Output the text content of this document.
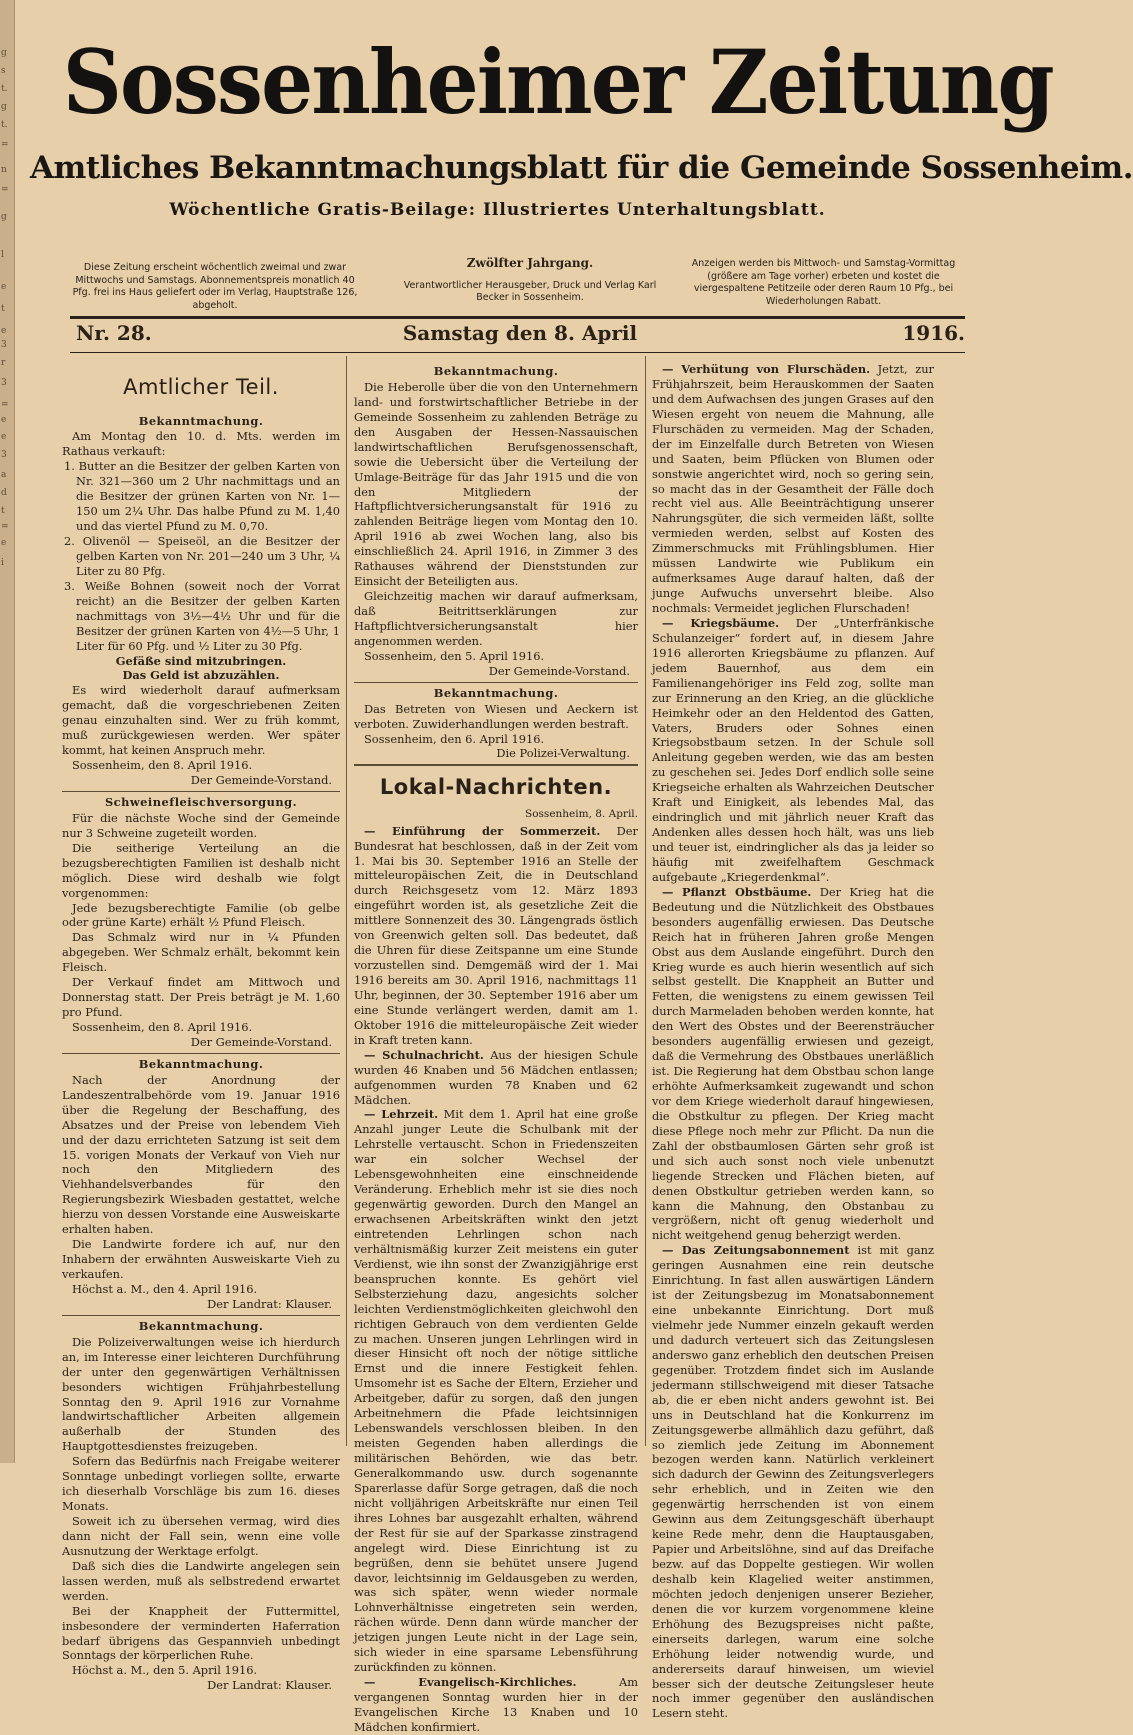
g
s
t.
g
t.
=
n
=
g
l
e
t
e
3
r
3
=
e
e
3
a
d
t
=
e
i
Sossenheimer Zeitung
Amtliches Bekanntmachungsblatt für die Gemeinde Sossenheim.
Wöchentliche Gratis-Beilage: Illustriertes Unterhaltungsblatt.
Diese Zeitung erscheint wöchentlich zweimal und zwar Mittwochs und Samstags. Abonnementspreis monatlich 40 Pfg. frei ins Haus geliefert oder im Verlag, Hauptstraße 126, abgeholt.
Zwölfter Jahrgang.
Verantwortlicher Herausgeber, Druck und Verlag Karl Becker in Sossenheim.
Anzeigen werden bis Mittwoch- und Samstag-Vormittag (größere am Tage vorher) erbeten und kostet die viergespaltene Petitzeile oder deren Raum 10 Pfg., bei Wiederholungen Rabatt.
Nr. 28.	Samstag den 8. April	1916.
Amtlicher Teil.
Bekanntmachung.

Am Montag den 10. d. Mts. werden im Rathaus verkauft:

1. Butter an die Besitzer der gelben Karten von Nr. 321—360 um 2 Uhr nachmittags und an die Besitzer der grünen Karten von Nr. 1—150 um 2¼ Uhr. Das halbe Pfund zu M. 1,40 und das viertel Pfund zu M. 0,70.

2. Olivenöl — Speiseöl, an die Besitzer der gelben Karten von Nr. 201—240 um 3 Uhr, ¼ Liter zu 80 Pfg.

3. Weiße Bohnen (soweit noch der Vorrat reicht) an die Besitzer der gelben Karten nachmittags von 3½—4½ Uhr und für die Besitzer der grünen Karten von 4½—5 Uhr, 1 Liter für 60 Pfg. und ½ Liter zu 30 Pfg.

Gefäße sind mitzubringen.
Das Geld ist abzuzählen.

Es wird wiederholt darauf aufmerksam gemacht, daß die vorgeschriebenen Zeiten genau einzuhalten sind. Wer zu früh kommt, muß zurückgewiesen werden. Wer später kommt, hat keinen Anspruch mehr.

Sossenheim, den 8. April 1916.

Der Gemeinde-Vorstand.
Schweinefleischversorgung.

Für die nächste Woche sind der Gemeinde nur 3 Schweine zugeteilt worden.

Die seitherige Verteilung an die bezugsberechtigten Familien ist deshalb nicht möglich. Diese wird deshalb wie folgt vorgenommen:

Jede bezugsberechtigte Familie (ob gelbe oder grüne Karte) erhält ½ Pfund Fleisch.

Das Schmalz wird nur in ¼ Pfunden abgegeben. Wer Schmalz erhält, bekommt kein Fleisch.

Der Verkauf findet am Mittwoch und Donnerstag statt. Der Preis beträgt je M. 1,60 pro Pfund.

Sossenheim, den 8. April 1916.

Der Gemeinde-Vorstand.
Bekanntmachung.

Nach der Anordnung der Landeszentralbehörde vom 19. Januar 1916 über die Regelung der Beschaffung, des Absatzes und der Preise von lebendem Vieh und der dazu errichteten Satzung ist seit dem 15. vorigen Monats der Verkauf von Vieh nur noch den Mitgliedern des Viehhandelsverbandes für den Regierungsbezirk Wiesbaden gestattet, welche hierzu von dessen Vorstande eine Ausweiskarte erhalten haben.

Die Landwirte fordere ich auf, nur den Inhabern der erwähnten Ausweiskarte Vieh zu verkaufen.

Höchst a. M., den 4. April 1916.

Der Landrat: Klauser.
Bekanntmachung.

Die Polizeiverwaltungen weise ich hierdurch an, im Interesse einer leichteren Durchführung der unter den gegenwärtigen Verhältnissen besonders wichtigen Frühjahrbestellung Sonntag den 9. April 1916 zur Vornahme landwirtschaftlicher Arbeiten allgemein außerhalb der Stunden des Hauptgottesdienstes freizugeben.

Sofern das Bedürfnis nach Freigabe weiterer Sonntage unbedingt vorliegen sollte, erwarte ich dieserhalb Vorschläge bis zum 16. dieses Monats.

Soweit ich zu übersehen vermag, wird dies dann nicht der Fall sein, wenn eine volle Ausnutzung der Werktage erfolgt.

Daß sich dies die Landwirte angelegen sein lassen werden, muß als selbstredend erwartet werden.

Bei der Knappheit der Futtermittel, insbesondere der verminderten Haferration bedarf übrigens das Gespannvieh unbedingt Sonntags der körperlichen Ruhe.

Höchst a. M., den 5. April 1916.

Der Landrat: Klauser.
Bekanntmachung.

Die Heberolle über die von den Unternehmern land- und forstwirtschaftlicher Betriebe in der Gemeinde Sossenheim zu zahlenden Beträge zu den Ausgaben der Hessen-Nassauischen landwirtschaftlichen Berufsgenossenschaft, sowie die Uebersicht über die Verteilung der Umlage-Beiträge für das Jahr 1915 und die von den Mitgliedern der Haftpflichtversicherungsanstalt für 1916 zu zahlenden Beiträge liegen vom Montag den 10. April 1916 ab zwei Wochen lang, also bis einschließlich 24. April 1916, in Zimmer 3 des Rathauses während der Dienststunden zur Einsicht der Beteiligten aus.

Gleichzeitig machen wir darauf aufmerksam, daß Beitrittserklärungen zur Haftpflichtversicherungsanstalt hier angenommen werden.

Sossenheim, den 5. April 1916.

Der Gemeinde-Vorstand.
Bekanntmachung.

Das Betreten von Wiesen und Aeckern ist verboten. Zuwiderhandlungen werden bestraft.

Sossenheim, den 6. April 1916.

Die Polizei-Verwaltung.
Lokal-Nachrichten.
Sossenheim, 8. April.

— Einführung der Sommerzeit. Der Bundesrat hat beschlossen, daß in der Zeit vom 1. Mai bis 30. September 1916 an Stelle der mitteleuropäischen Zeit, die in Deutschland durch Reichsgesetz vom 12. März 1893 eingeführt worden ist, als gesetzliche Zeit die mittlere Sonnenzeit des 30. Längengrads östlich von Greenwich gelten soll. Das bedeutet, daß die Uhren für diese Zeitspanne um eine Stunde vorzustellen sind. Demgemäß wird der 1. Mai 1916 bereits am 30. April 1916, nachmittags 11 Uhr, beginnen, der 30. September 1916 aber um eine Stunde verlängert werden, damit am 1. Oktober 1916 die mitteleuropäische Zeit wieder in Kraft treten kann.

— Schulnachricht. Aus der hiesigen Schule wurden 46 Knaben und 56 Mädchen entlassen; aufgenommen wurden 78 Knaben und 62 Mädchen.

— Lehrzeit. Mit dem 1. April hat eine große Anzahl junger Leute die Schulbank mit der Lehrstelle vertauscht. Schon in Friedenszeiten war ein solcher Wechsel der Lebensgewohnheiten eine einschneidende Veränderung. Erheblich mehr ist sie dies noch gegenwärtig geworden. Durch den Mangel an erwachsenen Arbeitskräften winkt den jetzt eintretenden Lehrlingen schon nach verhältnismäßig kurzer Zeit meistens ein guter Verdienst, wie ihn sonst der Zwanzigjährige erst beanspruchen konnte. Es gehört viel Selbsterziehung dazu, angesichts solcher leichten Verdienstmöglichkeiten gleichwohl den richtigen Gebrauch von dem verdienten Gelde zu machen. Unseren jungen Lehrlingen wird in dieser Hinsicht oft noch der nötige sittliche Ernst und die innere Festigkeit fehlen. Umsomehr ist es Sache der Eltern, Erzieher und Arbeitgeber, dafür zu sorgen, daß den jungen Arbeitnehmern die Pfade leichtsinnigen Lebenswandels verschlossen bleiben. In den meisten Gegenden haben allerdings die militärischen Behörden, wie das betr. Generalkommando usw. durch sogenannte Sparerlasse dafür Sorge getragen, daß die noch nicht volljährigen Arbeitskräfte nur einen Teil ihres Lohnes bar ausgezahlt erhalten, während der Rest für sie auf der Sparkasse zinstragend angelegt wird. Diese Einrichtung ist zu begrüßen, denn sie behütet unsere Jugend davor, leichtsinnig im Geldausgeben zu werden, was sich später, wenn wieder normale Lohnverhältnisse eingetreten sein werden, rächen würde. Denn dann würde mancher der jetzigen jungen Leute nicht in der Lage sein, sich wieder in eine sparsame Lebensführung zurückfinden zu können.

— Evangelisch-Kirchliches.	Am vergangenen Sonntag wurden hier in der Evangelischen Kirche 13 Knaben und 10 Mädchen konfirmiert.

— Verhütung von Flurschäden. Jetzt, zur Frühjahrszeit, beim Herauskommen der Saaten und dem Aufwachsen des jungen Grases auf den Wiesen ergeht von neuem die Mahnung, alle Flurschäden zu vermeiden. Mag der Schaden, der im Einzelfalle durch Betreten von Wiesen und Saaten, beim Pflücken von Blumen oder sonstwie angerichtet wird, noch so gering sein, so macht das in der Gesamtheit der Fälle doch recht viel aus. Alle Beeinträchtigung unserer Nahrungsgüter, die sich vermeiden läßt, sollte vermieden werden, selbst auf Kosten des Zimmerschmucks mit Frühlingsblumen. Hier müssen Landwirte wie Publikum ein aufmerksames Auge darauf halten, daß der junge Aufwuchs unversehrt bleibe. Also nochmals: Vermeidet jeglichen Flurschaden!

— Kriegsbäume. Der „Unterfränkische Schulanzeiger“ fordert auf, in diesem Jahre 1916 allerorten Kriegsbäume zu pflanzen. Auf jedem Bauernhof, aus dem ein Familienangehöriger ins Feld zog, sollte man zur Erinnerung an den Krieg, an die glückliche Heimkehr oder an den Heldentod des Gatten, Vaters, Bruders oder Sohnes einen Kriegsobstbaum setzen. In der Schule soll Anleitung gegeben werden, wie das am besten zu geschehen sei. Jedes Dorf endlich solle seine Kriegseiche erhalten als Wahrzeichen Deutscher Kraft und Einigkeit, als lebendes Mal, das eindringlich und mit jährlich neuer Kraft das Andenken alles dessen hoch hält, was uns lieb und teuer ist, eindringlicher als das ja leider so häufig mit zweifelhaftem Geschmack aufgebaute „Kriegerdenkmal“.

— Pflanzt Obstbäume. Der Krieg hat die Bedeutung und die Nützlichkeit des Obstbaues besonders augenfällig erwiesen. Das Deutsche Reich hat in früheren Jahren große Mengen Obst aus dem Auslande eingeführt. Durch den Krieg wurde es auch hierin wesentlich auf sich selbst gestellt. Die Knappheit an Butter und Fetten, die wenigstens zu einem gewissen Teil durch Marmeladen behoben werden konnte, hat den Wert des Obstes und der Beerensträucher besonders augenfällig erwiesen und gezeigt, daß die Vermehrung des Obstbaues unerläßlich ist. Die Regierung hat dem Obstbau schon lange erhöhte Aufmerksamkeit zugewandt und schon vor dem Kriege wiederholt darauf hingewiesen, die Obstkultur zu pflegen. Der Krieg macht diese Pflege noch mehr zur Pflicht. Da nun die Zahl der obstbaumlosen Gärten sehr groß ist und sich auch sonst noch viele unbenutzt liegende Strecken und Flächen bieten, auf denen Obstkultur getrieben werden kann, so kann die Mahnung, den Obstanbau zu vergrößern, nicht oft genug wiederholt und nicht weitgehend genug beherzigt werden.

— Das Zeitungsabonnement ist mit ganz geringen Ausnahmen eine rein deutsche Einrichtung. In fast allen auswärtigen Ländern ist der Zeitungsbezug im Monatsabonnement eine unbekannte Einrichtung. Dort muß vielmehr jede Nummer einzeln gekauft werden und dadurch verteuert sich das Zeitungslesen anderswo ganz erheblich den deutschen Preisen gegenüber. Trotzdem findet sich im Auslande jedermann stillschweigend mit dieser Tatsache ab, die er eben nicht anders gewohnt ist. Bei uns in Deutschland hat die Konkurrenz im Zeitungsgewerbe allmählich dazu geführt, daß so ziemlich jede Zeitung im Abonnement bezogen werden kann. Natürlich verkleinert sich dadurch der Gewinn des Zeitungsverlegers sehr erheblich, und in Zeiten wie den gegenwärtig herrschenden ist von einem Gewinn aus dem Zeitungsgeschäft überhaupt keine Rede mehr, denn die Hauptausgaben, Papier und Arbeitslöhne, sind auf das Dreifache bezw. auf das Doppelte gestiegen. Wir wollen deshalb kein Klagelied weiter anstimmen, möchten jedoch denjenigen unserer Bezieher, denen die vor kurzem vorgenommene kleine Erhöhung des Bezugspreises nicht paßte, einerseits darlegen, warum eine solche Erhöhung leider notwendig wurde, und andererseits darauf hinweisen, um wieviel besser sich der deutsche Zeitungsleser heute noch immer gegenüber den ausländischen Lesern steht.
